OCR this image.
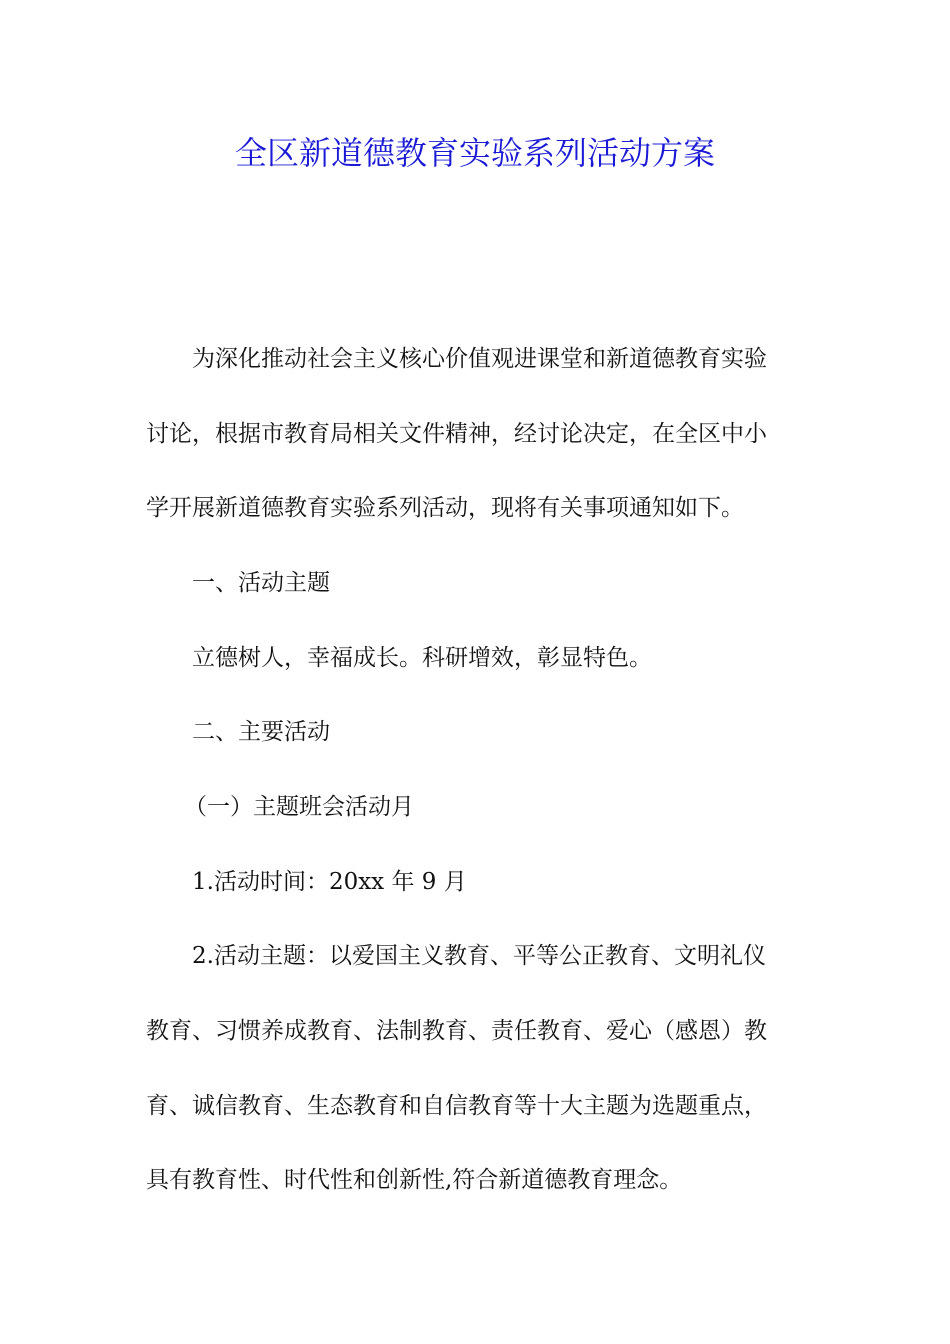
全区新道德教育实验系列活动方案
为深化推动社会主义核心价值观进课堂和新道德教育实验
讨论，根据市教育局相关文件精神，经讨论决定，在全区中小
学开展新道德教育实验系列活动，现将有关事项通知如下。
一、活动主题
立德树人，幸福成长。科研增效，彰显特色。
二、主要活动
（一）主题班会活动月
1.活动时间：20xx 年 9 月
2.活动主题：以爱国主义教育、平等公正教育、文明礼仪
教育、习惯养成教育、法制教育、责任教育、爱心（感恩）教
育、诚信教育、生态教育和自信教育等十大主题为选题重点，
具有教育性、时代性和创新性,符合新道德教育理念。
